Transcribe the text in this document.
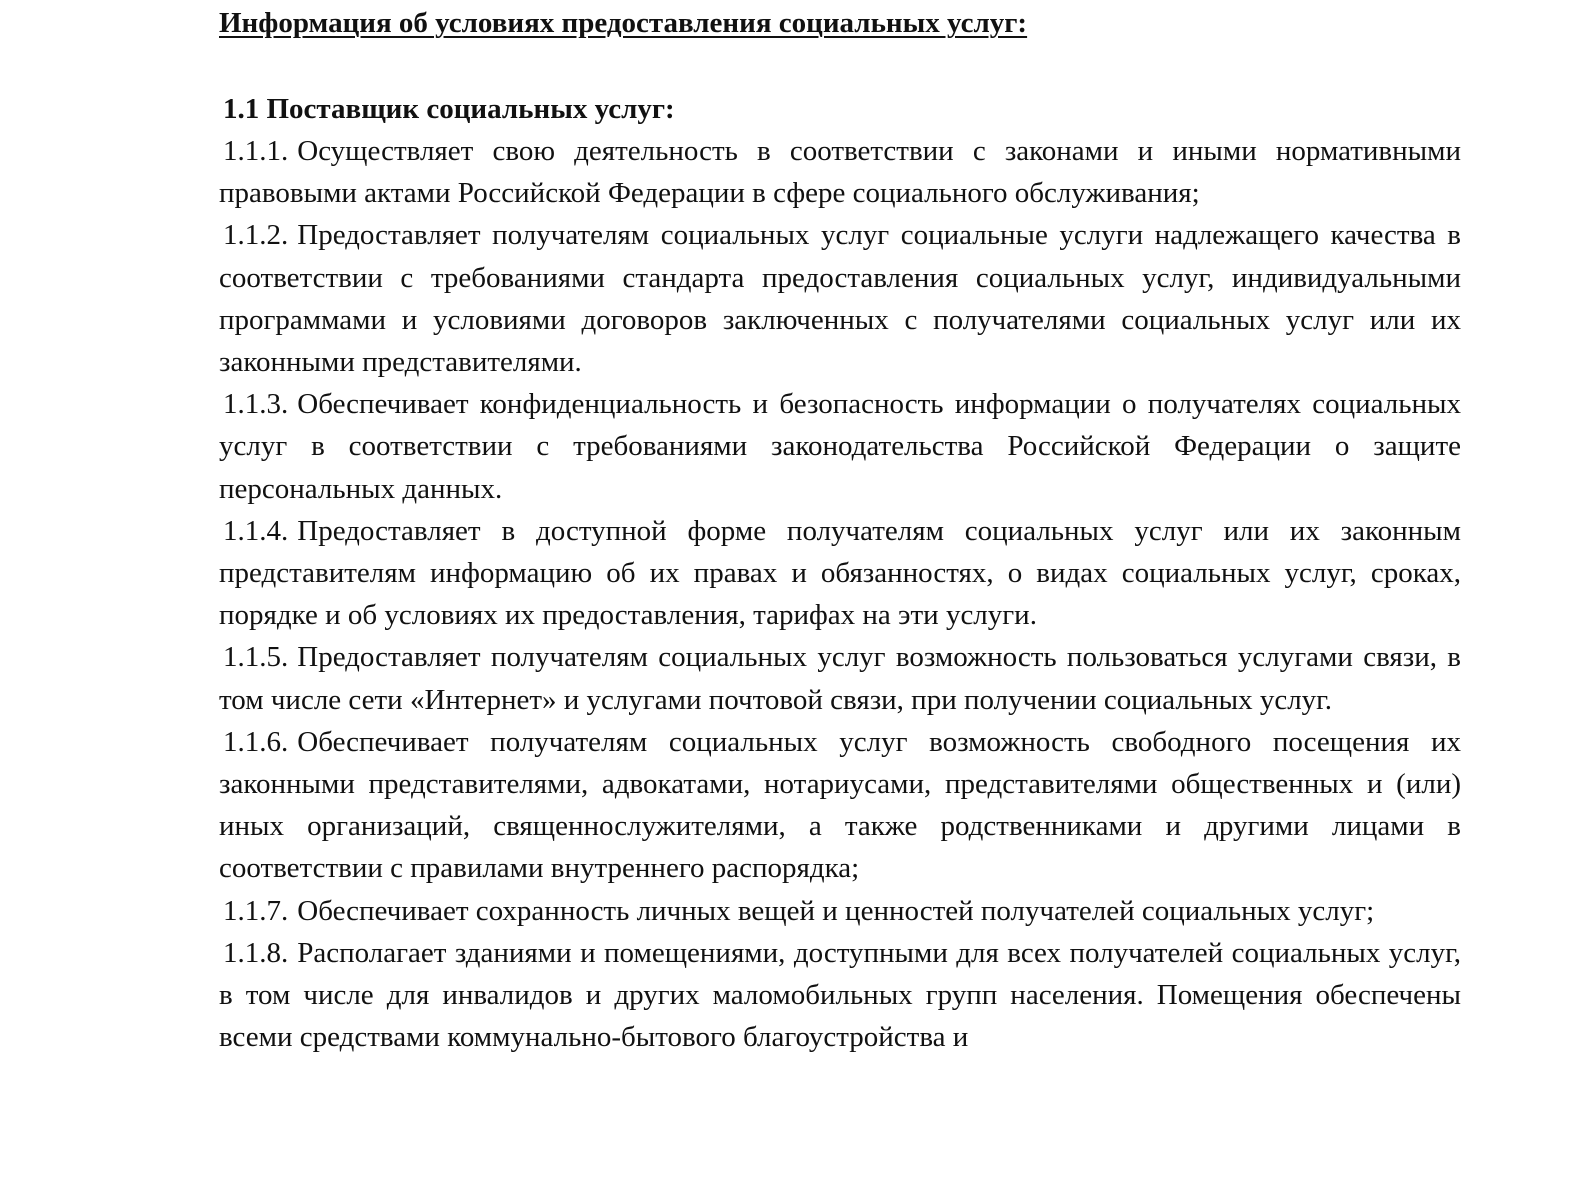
Информация об условиях предоставления социальных услуг:
1.1 Поставщик социальных услуг:
1.1.1. Осуществляет свою деятельность в соответствии с законами и иными нормативными правовыми актами Российской Федерации в сфере социального обслуживания;
1.1.2. Предоставляет получателям социальных услуг социальные услуги надлежащего качества в соответствии с требованиями стандарта предоставления социальных услуг, индивидуальными программами и условиями договоров заключенных с получателями социальных услуг или их законными представителями.
1.1.3. Обеспечивает конфиденциальность и безопасность информации о получателях социальных услуг в соответствии с требованиями законодательства Российской Федерации о защите персональных данных.
1.1.4. Предоставляет в доступной форме получателям социальных услуг или их законным представителям информацию об их правах и обязанностях, о видах социальных услуг, сроках, порядке и об условиях их предоставления, тарифах на эти услуги.
1.1.5. Предоставляет получателям социальных услуг возможность пользоваться услугами связи, в том числе сети «Интернет» и услугами почтовой связи, при получении социальных услуг.
1.1.6. Обеспечивает получателям социальных услуг возможность свободного посещения их законными представителями, адвокатами, нотариусами, представителями общественных и (или) иных организаций, священнослужителями, а также родственниками и другими лицами в соответствии с правилами внутреннего распорядка;
1.1.7. Обеспечивает сохранность личных вещей и ценностей получателей социальных услуг;
1.1.8. Располагает зданиями и помещениями, доступными для всех получателей социальных услуг, в том числе для инвалидов и других маломобильных групп населения. Помещения обеспечены всеми средствами коммунально-бытового благоустройства и
